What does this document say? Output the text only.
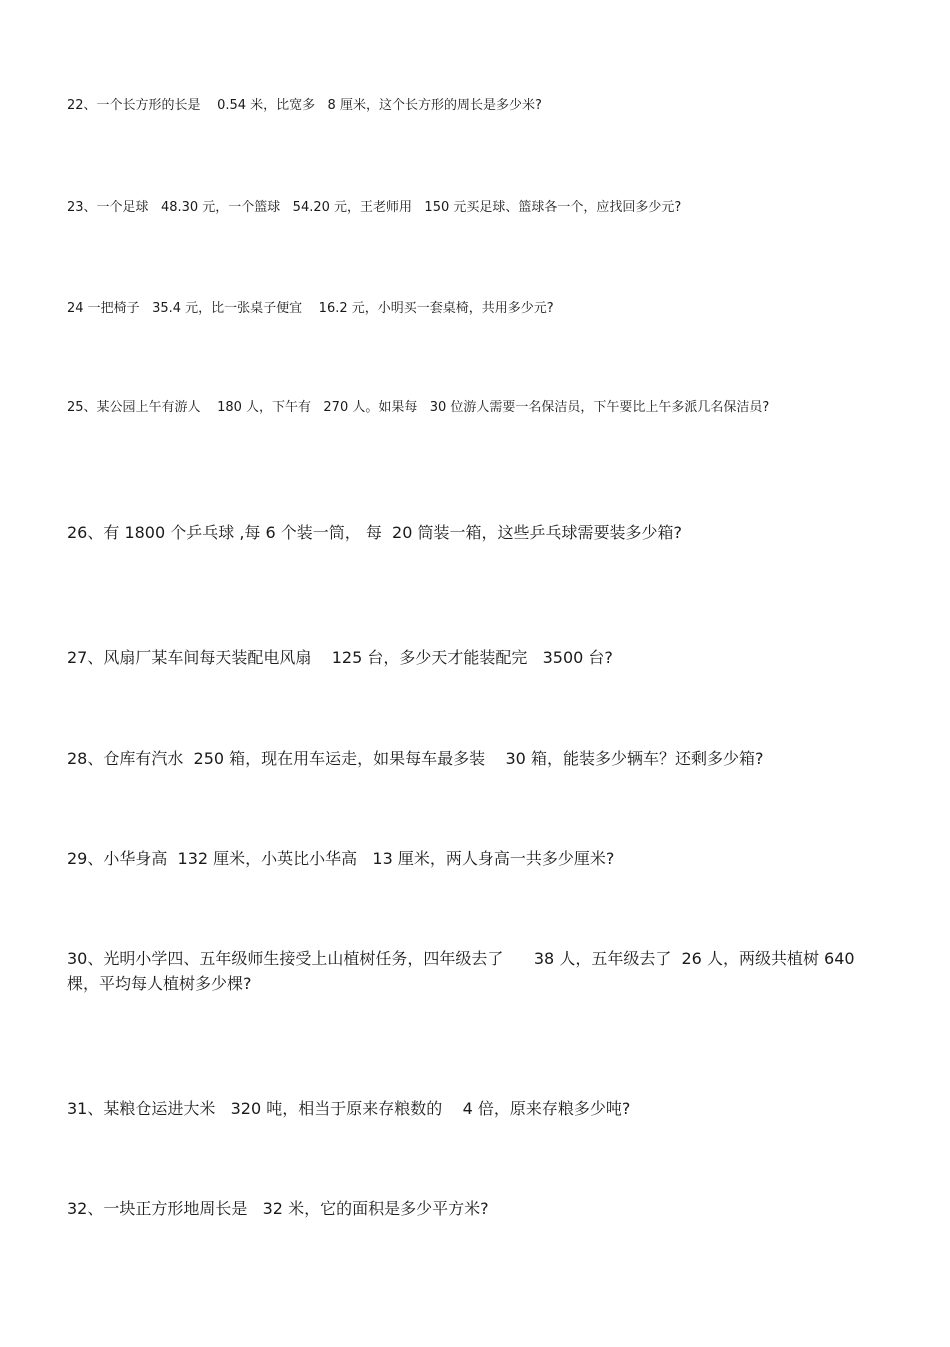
22、一个长方形的长是    0.54 米，比宽多   8 厘米，这个长方形的周长是多少米?

23、一个足球   48.30 元，一个篮球   54.20 元，王老师用   150 元买足球、篮球各一个，应找回多少元?

24 一把椅子   35.4 元，比一张桌子便宜    16.2 元，小明买一套桌椅，共用多少元?

25、某公园上午有游人    180 人，下午有   270 人。如果每   30 位游人需要一名保洁员，下午要比上午多派几名保洁员?

26、有 1800 个乒乓球 ,每 6 个装一筒， 每  20 筒装一箱，这些乒乓球需要装多少箱?

27、风扇厂某车间每天装配电风扇    125 台，多少天才能装配完   3500 台?

28、仓库有汽水  250 箱，现在用车运走，如果每车最多装    30 箱，能装多少辆车？还剩多少箱?

29、小华身高  132 厘米，小英比小华高   13 厘米，两人身高一共多少厘米?

30、光明小学四、五年级师生接受上山植树任务，四年级去了      38 人，五年级去了  26 人，两级共植树 640 棵，平均每人植树多少棵?

31、某粮仓运进大米   320 吨，相当于原来存粮数的    4 倍，原来存粮多少吨?

32、一块正方形地周长是   32 米，它的面积是多少平方米?
